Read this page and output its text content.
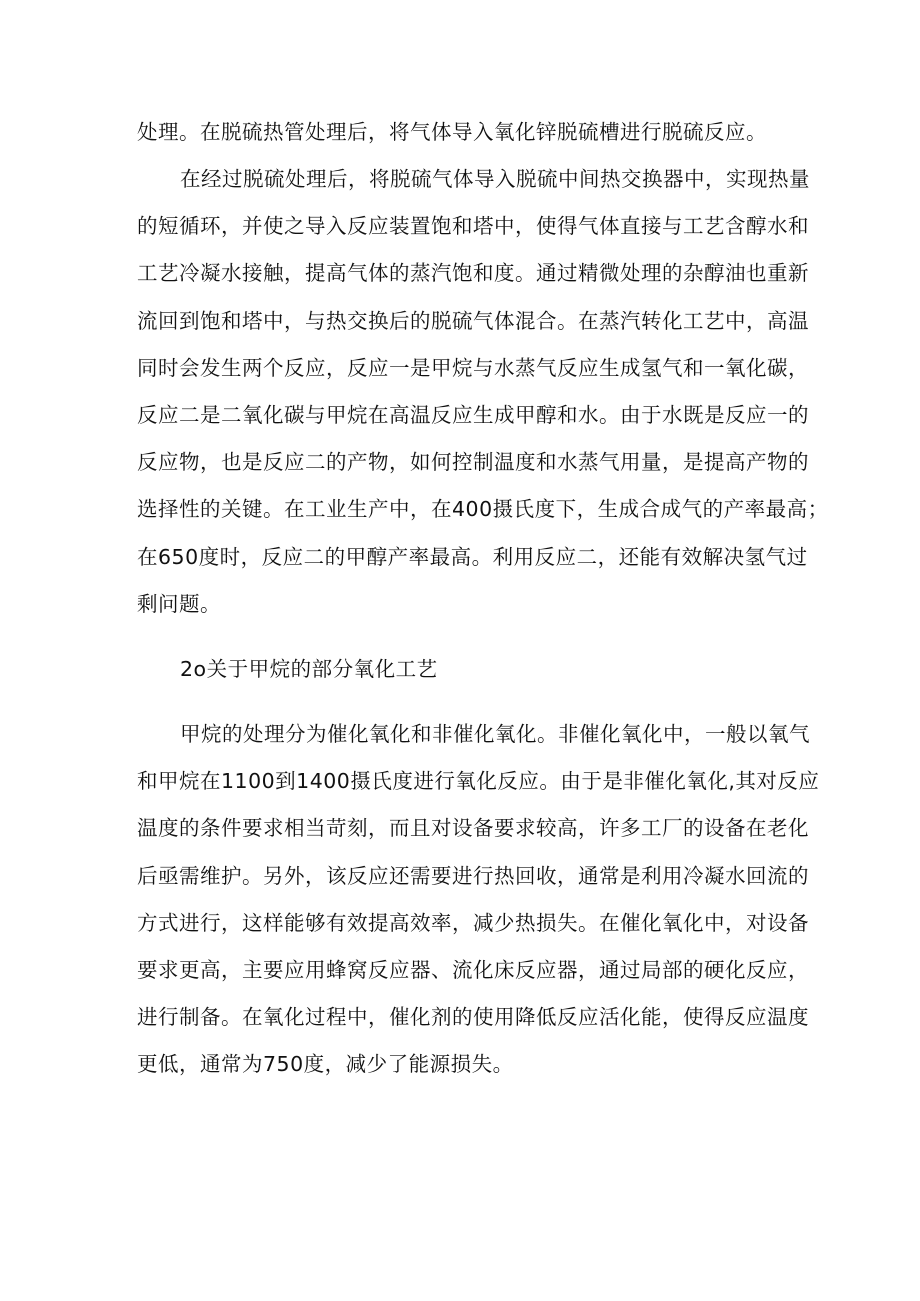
处理。在脱硫热管处理后，将气体导入氧化锌脱硫槽进行脱硫反应。
在经过脱硫处理后，将脱硫气体导入脱硫中间热交换器中，实现热量
的短循环，并使之导入反应装置饱和塔中，使得气体直接与工艺含醇水和
工艺冷凝水接触，提高气体的蒸汽饱和度。通过精微处理的杂醇油也重新
流回到饱和塔中，与热交换后的脱硫气体混合。在蒸汽转化工艺中，高温
同时会发生两个反应，反应一是甲烷与水蒸气反应生成氢气和一氧化碳，
反应二是二氧化碳与甲烷在高温反应生成甲醇和水。由于水既是反应一的
反应物，也是反应二的产物，如何控制温度和水蒸气用量，是提高产物的
选择性的关键。在工业生产中，在400摄氏度下，生成合成气的产率最高；
在650度时，反应二的甲醇产率最高。利用反应二，还能有效解决氢气过
剩问题。
2o关于甲烷的部分氧化工艺
甲烷的处理分为催化氧化和非催化氧化。非催化氧化中，一般以氧气
和甲烷在1100到1400摄氏度进行氧化反应。由于是非催化氧化,其对反应
温度的条件要求相当苛刻，而且对设备要求较高，许多工厂的设备在老化
后亟需维护。另外，该反应还需要进行热回收，通常是利用冷凝水回流的
方式进行，这样能够有效提高效率，减少热损失。在催化氧化中，对设备
要求更高，主要应用蜂窝反应器、流化床反应器，通过局部的硬化反应，
进行制备。在氧化过程中，催化剂的使用降低反应活化能，使得反应温度
更低，通常为750度，减少了能源损失。
